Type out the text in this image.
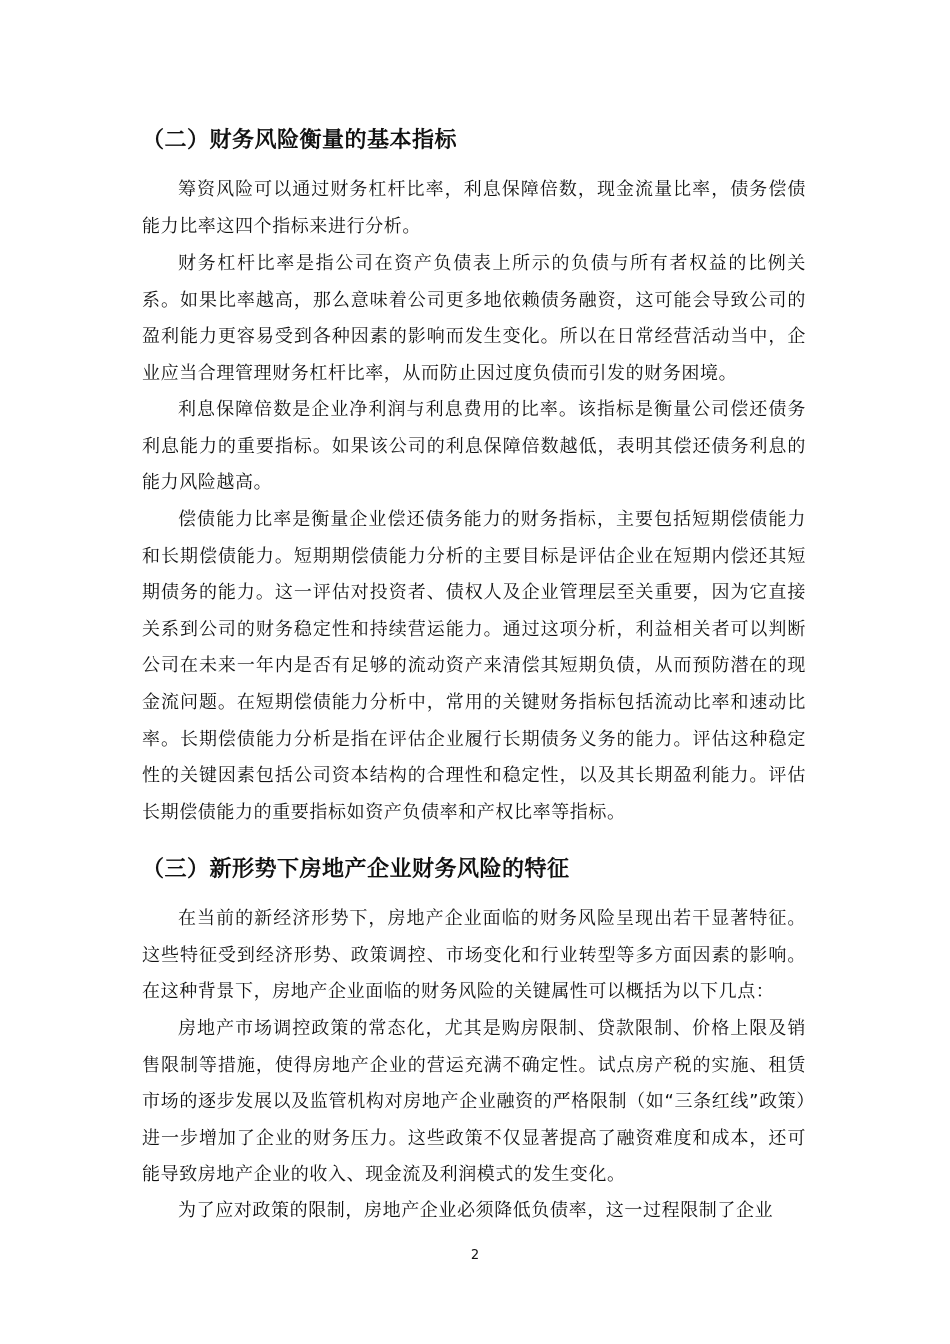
（二）财务风险衡量的基本指标

筹资风险可以通过财务杠杆比率，利息保障倍数，现金流量比率，债务偿债能力比率这四个指标来进行分析。

财务杠杆比率是指公司在资产负债表上所示的负债与所有者权益的比例关系。如果比率越高，那么意味着公司更多地依赖债务融资，这可能会导致公司的盈利能力更容易受到各种因素的影响而发生变化。所以在日常经营活动当中，企业应当合理管理财务杠杆比率，从而防止因过度负债而引发的财务困境。

利息保障倍数是企业净利润与利息费用的比率。该指标是衡量公司偿还债务利息能力的重要指标。如果该公司的利息保障倍数越低，表明其偿还债务利息的能力风险越高。

偿债能力比率是衡量企业偿还债务能力的财务指标，主要包括短期偿债能力和长期偿债能力。短期期偿债能力分析的主要目标是评估企业在短期内偿还其短期债务的能力。这一评估对投资者、债权人及企业管理层至关重要，因为它直接关系到公司的财务稳定性和持续营运能力。通过这项分析，利益相关者可以判断公司在未来一年内是否有足够的流动资产来清偿其短期负债，从而预防潜在的现金流问题。在短期偿债能力分析中，常用的关键财务指标包括流动比率和速动比率。长期偿债能力分析是指在评估企业履行长期债务义务的能力。评估这种稳定性的关键因素包括公司资本结构的合理性和稳定性，以及其长期盈利能力。评估长期偿债能力的重要指标如资产负债率和产权比率等指标。

（三）新形势下房地产企业财务风险的特征

在当前的新经济形势下，房地产企业面临的财务风险呈现出若干显著特征。这些特征受到经济形势、政策调控、市场变化和行业转型等多方面因素的影响。在这种背景下，房地产企业面临的财务风险的关键属性可以概括为以下几点：

房地产市场调控政策的常态化，尤其是购房限制、贷款限制、价格上限及销售限制等措施，使得房地产企业的营运充满不确定性。试点房产税的实施、租赁市场的逐步发展以及监管机构对房地产企业融资的严格限制（如“三条红线”政策）进一步增加了企业的财务压力。这些政策不仅显著提高了融资难度和成本，还可能导致房地产企业的收入、现金流及利润模式的发生变化。

为了应对政策的限制，房地产企业必须降低负债率，这一过程限制了企业

2
